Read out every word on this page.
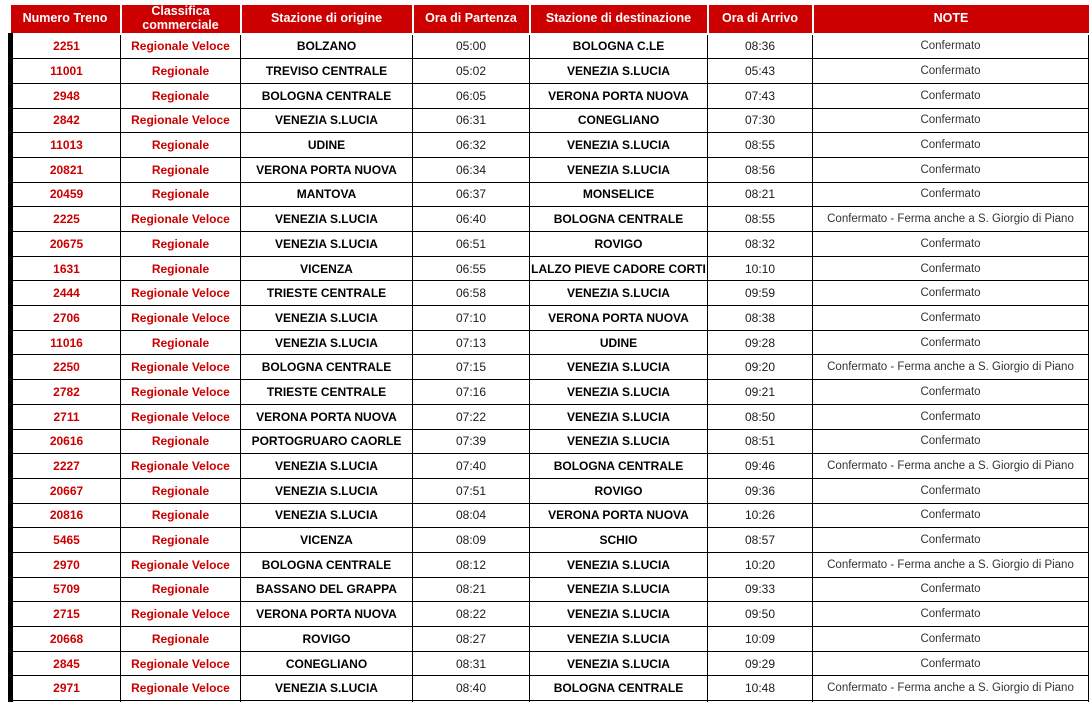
Numero Treno	Classifica commerciale	Stazione di origine	Ora di Partenza	Stazione di destinazione	Ora di Arrivo	NOTE
2251	Regionale Veloce	BOLZANO	05:00	BOLOGNA C.LE	08:36	Confermato
11001	Regionale	TREVISO CENTRALE	05:02	VENEZIA S.LUCIA	05:43	Confermato
2948	Regionale	BOLOGNA CENTRALE	06:05	VERONA PORTA NUOVA	07:43	Confermato
2842	Regionale Veloce	VENEZIA S.LUCIA	06:31	CONEGLIANO	07:30	Confermato
11013	Regionale	UDINE	06:32	VENEZIA S.LUCIA	08:55	Confermato
20821	Regionale	VERONA PORTA NUOVA	06:34	VENEZIA S.LUCIA	08:56	Confermato
20459	Regionale	MANTOVA	06:37	MONSELICE	08:21	Confermato
2225	Regionale Veloce	VENEZIA S.LUCIA	06:40	BOLOGNA CENTRALE	08:55	Confermato - Ferma anche a S. Giorgio di Piano
20675	Regionale	VENEZIA S.LUCIA	06:51	ROVIGO	08:32	Confermato
1631	Regionale	VICENZA	06:55	LALZO PIEVE CADORE CORTI	10:10	Confermato
2444	Regionale Veloce	TRIESTE CENTRALE	06:58	VENEZIA S.LUCIA	09:59	Confermato
2706	Regionale Veloce	VENEZIA S.LUCIA	07:10	VERONA PORTA NUOVA	08:38	Confermato
11016	Regionale	VENEZIA S.LUCIA	07:13	UDINE	09:28	Confermato
2250	Regionale Veloce	BOLOGNA CENTRALE	07:15	VENEZIA S.LUCIA	09:20	Confermato - Ferma anche a S. Giorgio di Piano
2782	Regionale Veloce	TRIESTE CENTRALE	07:16	VENEZIA S.LUCIA	09:21	Confermato
2711	Regionale Veloce	VERONA PORTA NUOVA	07:22	VENEZIA S.LUCIA	08:50	Confermato
20616	Regionale	PORTOGRUARO CAORLE	07:39	VENEZIA S.LUCIA	08:51	Confermato
2227	Regionale Veloce	VENEZIA S.LUCIA	07:40	BOLOGNA CENTRALE	09:46	Confermato - Ferma anche a S. Giorgio di Piano
20667	Regionale	VENEZIA S.LUCIA	07:51	ROVIGO	09:36	Confermato
20816	Regionale	VENEZIA S.LUCIA	08:04	VERONA PORTA NUOVA	10:26	Confermato
5465	Regionale	VICENZA	08:09	SCHIO	08:57	Confermato
2970	Regionale Veloce	BOLOGNA CENTRALE	08:12	VENEZIA S.LUCIA	10:20	Confermato - Ferma anche a S. Giorgio di Piano
5709	Regionale	BASSANO DEL GRAPPA	08:21	VENEZIA S.LUCIA	09:33	Confermato
2715	Regionale Veloce	VERONA PORTA NUOVA	08:22	VENEZIA S.LUCIA	09:50	Confermato
20668	Regionale	ROVIGO	08:27	VENEZIA S.LUCIA	10:09	Confermato
2845	Regionale Veloce	CONEGLIANO	08:31	VENEZIA S.LUCIA	09:29	Confermato
2971	Regionale Veloce	VENEZIA S.LUCIA	08:40	BOLOGNA CENTRALE	10:48	Confermato - Ferma anche a S. Giorgio di Piano
